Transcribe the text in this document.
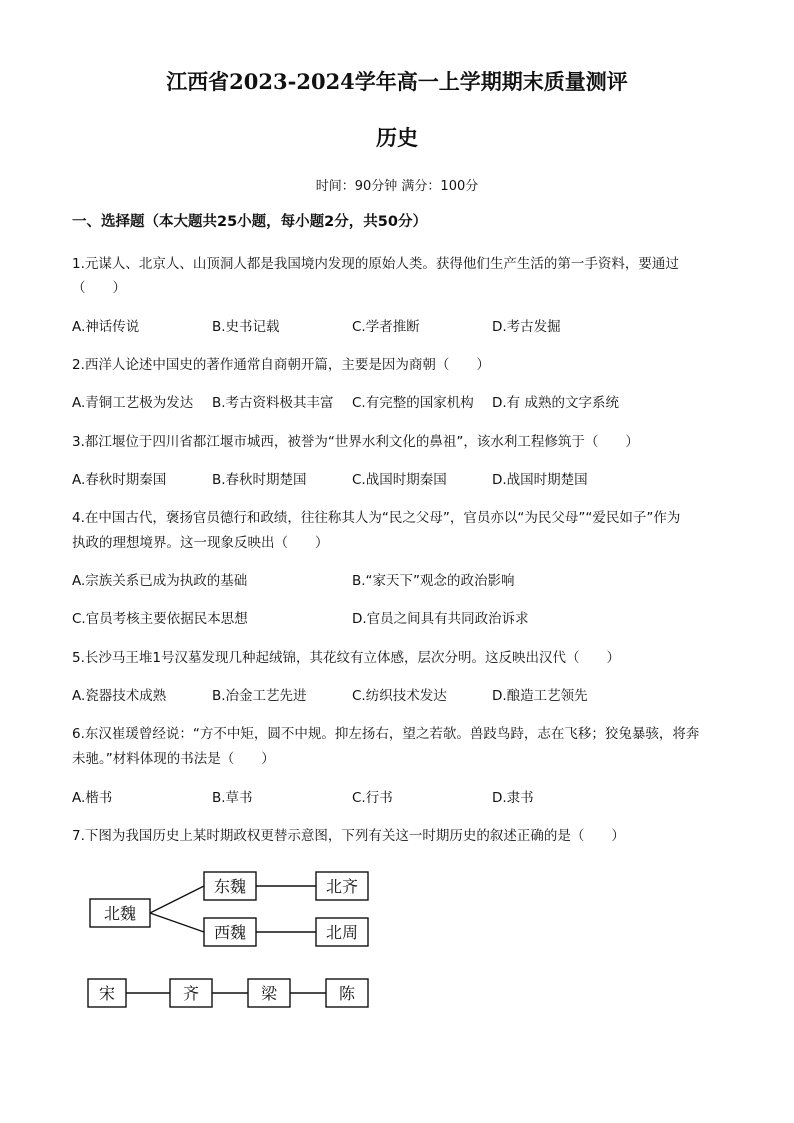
江西省2023-2024学年高一上学期期末质量测评
历史
时间：90分钟 满分：100分
一、选择题（本大题共25小题，每小题2分，共50分）
1.元谋人、北京人、山顶洞人都是我国境内发现的原始人类。获得他们生产生活的第一手资料，要通过
（　　）
A.神话传说	B.史书记载	C.学者推断	D.考古发掘
2.西洋人论述中国史的著作通常自商朝开篇，主要是因为商朝（　　）
A.青铜工艺极为发达 B.考古资料极其丰富 C.有完整的国家机构 D.有 成熟的文字系统
3.都江堰位于四川省都江堰市城西，被誉为“世界水利文化的鼻祖”，该水利工程修筑于（　　）
A.春秋时期秦国	B.春秋时期楚国	C.战国时期秦国	D.战国时期楚国
4.在中国古代，褒扬官员德行和政绩，往往称其人为“民之父母”，官员亦以“为民父母”“爱民如子”作为
执政的理想境界。这一现象反映出（　　）
A.宗族关系已成为执政的基础	B.“家天下”观念的政治影响
C.官员考核主要依据民本思想	D.官员之间具有共同政治诉求
5.长沙马王堆1号汉墓发现几种起绒锦，其花纹有立体感，层次分明。这反映出汉代（　　）
A.瓷器技术成熟	B.冶金工艺先进	C.纺织技术发达	D.酿造工艺领先
6.东汉崔瑗曾经说：“方不中矩，圆不中规。抑左扬右，望之若欹。兽跂鸟跱，志在飞移；狡兔暴骇，将奔
未驰。”材料体现的书法是（　　）
A.楷书	B.草书	C.行书	D.隶书
7.下图为我国历史上某时期政权更替示意图，下列有关这一时期历史的叙述正确的是（　　）
北魏
东魏	北齐
西魏	北周
宋	齐	梁	陈
